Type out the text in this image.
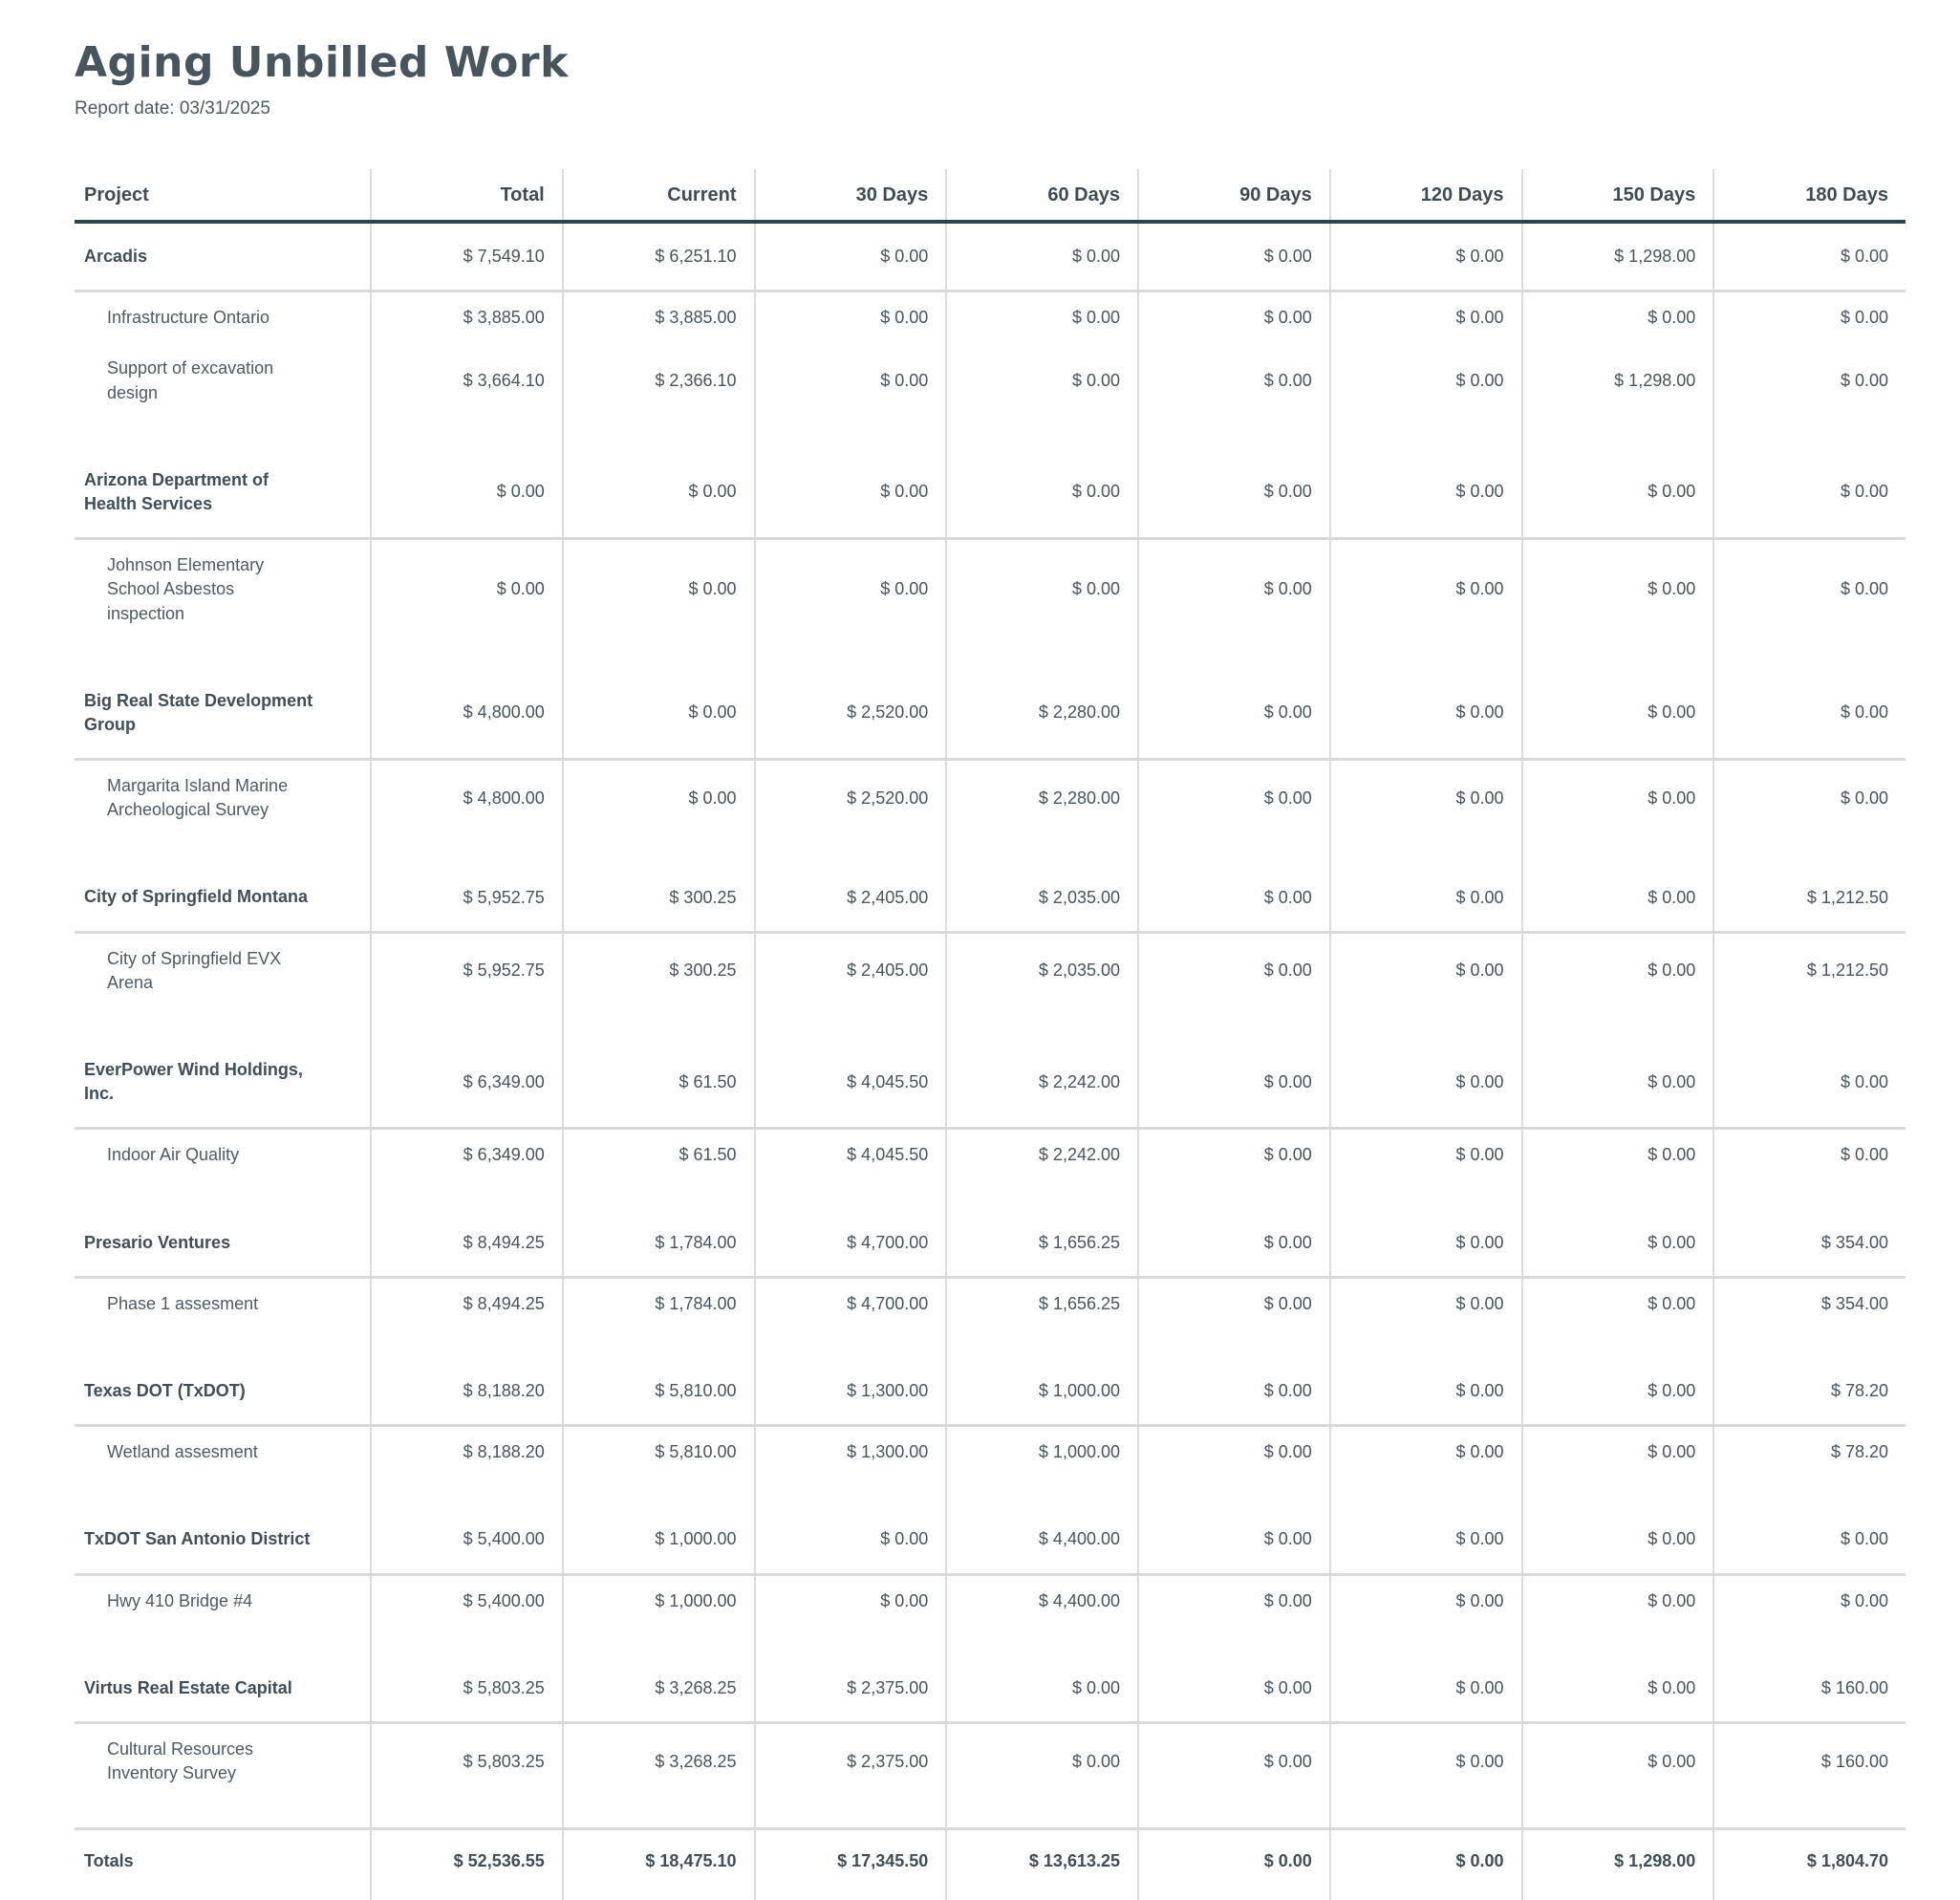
Aging Unbilled Work

Report date: 03/31/2025

Project	Total	Current	30 Days	60 Days	90 Days	120 Days	150 Days	180 Days
Arcadis	$ 7,549.10	$ 6,251.10	$ 0.00	$ 0.00	$ 0.00	$ 0.00	$ 1,298.00	$ 0.00
Infrastructure Ontario	$ 3,885.00	$ 3,885.00	$ 0.00	$ 0.00	$ 0.00	$ 0.00	$ 0.00	$ 0.00
Support of excavation design	$ 3,664.10	$ 2,366.10	$ 0.00	$ 0.00	$ 0.00	$ 0.00	$ 1,298.00	$ 0.00
Arizona Department of Health Services	$ 0.00	$ 0.00	$ 0.00	$ 0.00	$ 0.00	$ 0.00	$ 0.00	$ 0.00
Johnson Elementary School Asbestos inspection	$ 0.00	$ 0.00	$ 0.00	$ 0.00	$ 0.00	$ 0.00	$ 0.00	$ 0.00
Big Real State Development Group	$ 4,800.00	$ 0.00	$ 2,520.00	$ 2,280.00	$ 0.00	$ 0.00	$ 0.00	$ 0.00
Margarita Island Marine Archeological Survey	$ 4,800.00	$ 0.00	$ 2,520.00	$ 2,280.00	$ 0.00	$ 0.00	$ 0.00	$ 0.00
City of Springfield Montana	$ 5,952.75	$ 300.25	$ 2,405.00	$ 2,035.00	$ 0.00	$ 0.00	$ 0.00	$ 1,212.50
City of Springfield EVX Arena	$ 5,952.75	$ 300.25	$ 2,405.00	$ 2,035.00	$ 0.00	$ 0.00	$ 0.00	$ 1,212.50
EverPower Wind Holdings, Inc.	$ 6,349.00	$ 61.50	$ 4,045.50	$ 2,242.00	$ 0.00	$ 0.00	$ 0.00	$ 0.00
Indoor Air Quality	$ 6,349.00	$ 61.50	$ 4,045.50	$ 2,242.00	$ 0.00	$ 0.00	$ 0.00	$ 0.00
Presario Ventures	$ 8,494.25	$ 1,784.00	$ 4,700.00	$ 1,656.25	$ 0.00	$ 0.00	$ 0.00	$ 354.00
Phase 1 assesment	$ 8,494.25	$ 1,784.00	$ 4,700.00	$ 1,656.25	$ 0.00	$ 0.00	$ 0.00	$ 354.00
Texas DOT (TxDOT)	$ 8,188.20	$ 5,810.00	$ 1,300.00	$ 1,000.00	$ 0.00	$ 0.00	$ 0.00	$ 78.20
Wetland assesment	$ 8,188.20	$ 5,810.00	$ 1,300.00	$ 1,000.00	$ 0.00	$ 0.00	$ 0.00	$ 78.20
TxDOT San Antonio District	$ 5,400.00	$ 1,000.00	$ 0.00	$ 4,400.00	$ 0.00	$ 0.00	$ 0.00	$ 0.00
Hwy 410 Bridge #4	$ 5,400.00	$ 1,000.00	$ 0.00	$ 4,400.00	$ 0.00	$ 0.00	$ 0.00	$ 0.00
Virtus Real Estate Capital	$ 5,803.25	$ 3,268.25	$ 2,375.00	$ 0.00	$ 0.00	$ 0.00	$ 0.00	$ 160.00
Cultural Resources Inventory Survey	$ 5,803.25	$ 3,268.25	$ 2,375.00	$ 0.00	$ 0.00	$ 0.00	$ 0.00	$ 160.00
Totals	$ 52,536.55	$ 18,475.10	$ 17,345.50	$ 13,613.25	$ 0.00	$ 0.00	$ 1,298.00	$ 1,804.70
